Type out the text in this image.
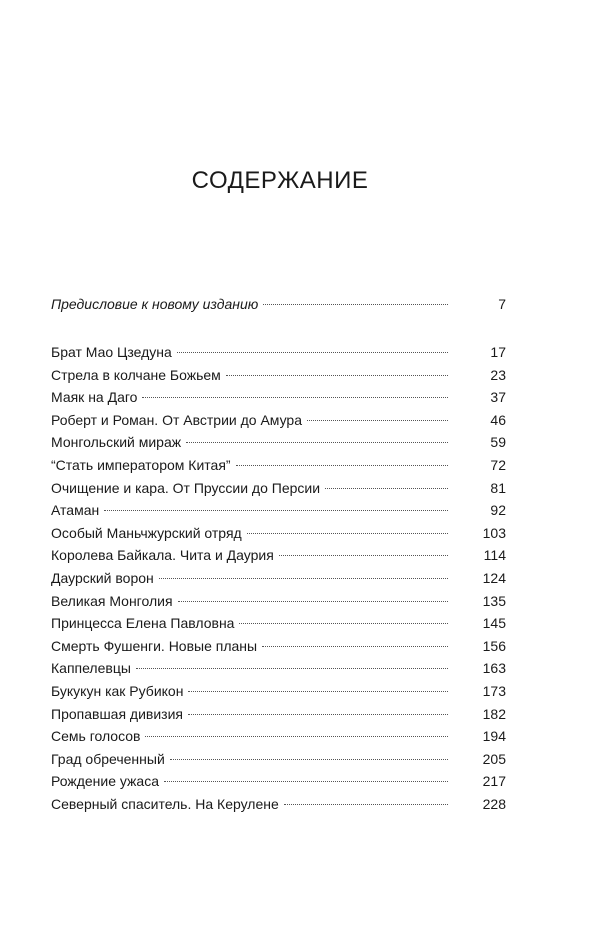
СОДЕРЖАНИЕ
Предисловие к новому изданию	7
Брат Мао Цзедуна	17
Стрела в колчане Божьем	23
Маяк на Даго	37
Роберт и Роман. От Австрии до Амура	46
Монгольский мираж	59
“Стать императором Китая”	72
Очищение и кара. От Пруссии до Персии	81
Атаман	92
Особый Маньчжурский отряд	103
Королева Байкала. Чита и Даурия	114
Даурский ворон	124
Великая Монголия	135
Принцесса Елена Павловна	145
Смерть Фушенги. Новые планы	156
Каппелевцы	163
Букукун как Рубикон	173
Пропавшая дивизия	182
Семь голосов	194
Град обреченный	205
Рождение ужаса	217
Северный спаситель. На Керулене	228
